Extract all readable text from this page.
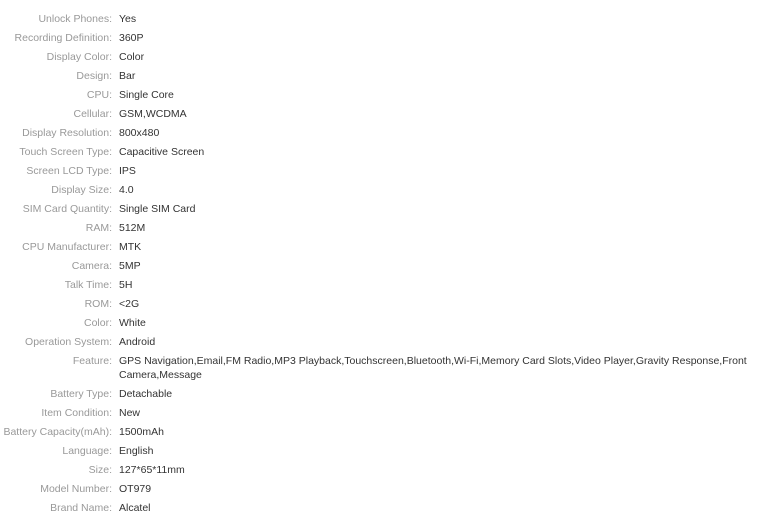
Unlock Phones: Yes
Recording Definition: 360P
Display Color: Color
Design: Bar
CPU: Single Core
Cellular: GSM,WCDMA
Display Resolution: 800x480
Touch Screen Type: Capacitive Screen
Screen LCD Type: IPS
Display Size: 4.0
SIM Card Quantity: Single SIM Card
RAM: 512M
CPU Manufacturer: MTK
Camera: 5MP
Talk Time: 5H
ROM: <2G
Color: White
Operation System: Android
Feature: GPS Navigation,Email,FM Radio,MP3 Playback,Touchscreen,Bluetooth,Wi-Fi,Memory Card Slots,Video Player,Gravity Response,Front Camera,Message
Battery Type: Detachable
Item Condition: New
Battery Capacity(mAh): 1500mAh
Language: English
Size: 127*65*11mm
Model Number: OT979
Brand Name: Alcatel
